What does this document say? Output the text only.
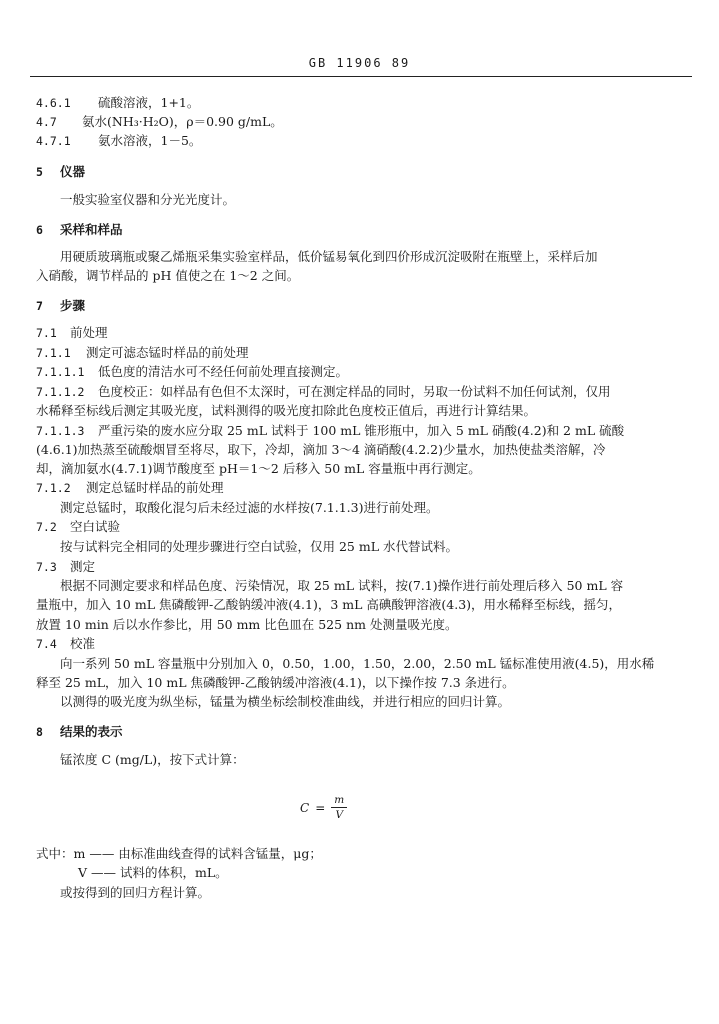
GB 11906 89
4.6.1 硫酸溶液，1+1。
4.7 氨水(NH₃·H₂O)，ρ＝0.90 g/mL。
4.7.1 氨水溶液，1－5。
5 仪器
一般实验室仪器和分光光度计。
6 采样和样品
用硬质玻璃瓶或聚乙烯瓶采集实验室样品，低价锰易氧化到四价形成沉淀吸附在瓶壁上，采样后加
入硝酸，调节样品的 pH 值使之在 1～2 之间。
7 步骤
7.1 前处理
7.1.1 测定可滤态锰时样品的前处理
7.1.1.1 低色度的清洁水可不经任何前处理直接测定。
7.1.1.2 色度校正：如样品有色但不太深时，可在测定样品的同时，另取一份试料不加任何试剂，仅用
水稀释至标线后测定其吸光度，试料测得的吸光度扣除此色度校正值后，再进行计算结果。
7.1.1.3 严重污染的废水应分取 25 mL 试料于 100 mL 锥形瓶中，加入 5 mL 硝酸(4.2)和 2 mL 硫酸
(4.6.1)加热蒸至硫酸烟冒至将尽，取下，冷却，滴加 3～4 滴硝酸(4.2.2)少量水，加热使盐类溶解，冷
却，滴加氨水(4.7.1)调节酸度至 pH＝1～2 后移入 50 mL 容量瓶中再行测定。
7.1.2 测定总锰时样品的前处理
测定总锰时，取酸化混匀后未经过滤的水样按(7.1.1.3)进行前处理。
7.2 空白试验
按与试料完全相同的处理步骤进行空白试验，仅用 25 mL 水代替试料。
7.3 测定
根据不同测定要求和样品色度、污染情况，取 25 mL 试料，按(7.1)操作进行前处理后移入 50 mL 容
量瓶中，加入 10 mL 焦磷酸钾-乙酸钠缓冲液(4.1)，3 mL 高碘酸钾溶液(4.3)，用水稀释至标线，摇匀，
放置 10 min 后以水作参比，用 50 mm 比色皿在 525 nm 处测量吸光度。
7.4 校准
向一系列 50 mL 容量瓶中分别加入 0，0.50，1.00，1.50，2.00，2.50 mL 锰标准使用液(4.5)，用水稀
释至 25 mL，加入 10 mL 焦磷酸钾-乙酸钠缓冲溶液(4.1)，以下操作按 7.3 条进行。
以测得的吸光度为纵坐标，锰量为横坐标绘制校准曲线，并进行相应的回归计算。
8 结果的表示
锰浓度 C (mg/L)，按下式计算：
$C = \frac{m}{V}$
式中：m —— 由标准曲线查得的试料含锰量，μg；
V —— 试料的体积，mL。
或按得到的回归方程计算。
